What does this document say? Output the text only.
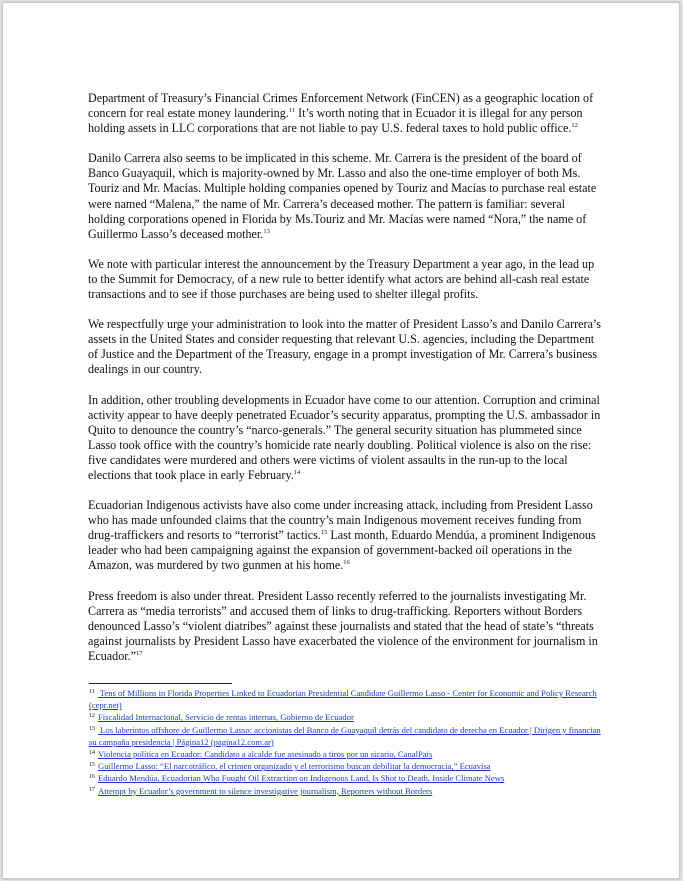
Department of Treasury’s Financial Crimes Enforcement Network (FinCEN) as a geographic location of concern for real estate money laundering.$^{11}$ It’s worth noting that in Ecuador it is illegal for any person holding assets in LLC corporations that are not liable to pay U.S. federal taxes to hold public office.$^{12}$

Danilo Carrera also seems to be implicated in this scheme. Mr. Carrera is the president of the board of Banco Guayaquil, which is majority-owned by Mr. Lasso and also the one-time employer of both Ms. Touriz and Mr. Macías. Multiple holding companies opened by Touriz and Macías to purchase real estate were named “Malena,” the name of Mr. Carrera’s deceased mother. The pattern is familiar: several holding corporations opened in Florida by Ms.Touriz and Mr. Macías were named “Nora,” the name of Guillermo Lasso’s deceased mother.$^{13}$

We note with particular interest the announcement by the Treasury Department a year ago, in the lead up to the Summit for Democracy, of a new rule to better identify what actors are behind all-cash real estate transactions and to see if those purchases are being used to shelter illegal profits.

We respectfully urge your administration to look into the matter of President Lasso’s and Danilo Carrera’s assets in the United States and consider requesting that relevant U.S. agencies, including the Department of Justice and the Department of the Treasury, engage in a prompt investigation of Mr. Carrera’s business dealings in our country.

In addition, other troubling developments in Ecuador have come to our attention. Corruption and criminal activity appear to have deeply penetrated Ecuador’s security apparatus, prompting the U.S. ambassador in Quito to denounce the country’s “narco-generals.” The general security situation has plummeted since Lasso took office with the country’s homicide rate nearly doubling. Political violence is also on the rise: five candidates were murdered and others were victims of violent assaults in the run-up to the local elections that took place in early February.$^{14}$

Ecuadorian Indigenous activists have also come under increasing attack, including from President Lasso who has made unfounded claims that the country’s main Indigenous movement receives funding from drug-traffickers and resorts to “terrorist” tactics.$^{15}$ Last month, Eduardo Mendúa, a prominent Indigenous leader who had been campaigning against the expansion of government-backed oil operations in the Amazon, was murdered by two gunmen at his home.$^{16}$

Press freedom is also under threat. President Lasso recently referred to the journalists investigating Mr. Carrera as “media terrorists” and accused them of links to drug-trafficking. Reporters without Borders denounced Lasso’s “violent diatribes” against these journalists and stated that the head of state’s “threats against journalists by President Lasso have exacerbated the violence of the environment for journalism in Ecuador.”$^{17}$

$^{11}$ Tens of Millions in Florida Properties Linked to Ecuadorian Presidential Candidate Guillermo Lasso - Center for Economic and Policy Research (cepr.net)

$^{12}$ Fiscalidad Internacional, Servicio de rentas internas, Gobierno de Ecuador

$^{13}$ Los laberintos offshore de Guillermo Lasso: accionistas del Banco de Guayaquil detrás del candidato de derecha en Ecuador | Dirigen y financian su campaña presidencia | Página12 (pagina12.com.ar)

$^{14}$ Violencia política en Ecuador: Candidato a alcalde fue asesinado a tiros por un sicario, CanalPais

$^{15}$ Guillermo Lasso: “El narcotráfico, el crimen organizado y el terrorismo buscan debilitar la democracia,” Ecuavisa

$^{16}$ Eduardo Mendúa, Ecuadorian Who Fought Oil Extraction on Indigenous Land, Is Shot to Death, Inside Climate News

$^{17}$ Attempt by Ecuador’s government to silence investigative journalism, Reporters without Borders
